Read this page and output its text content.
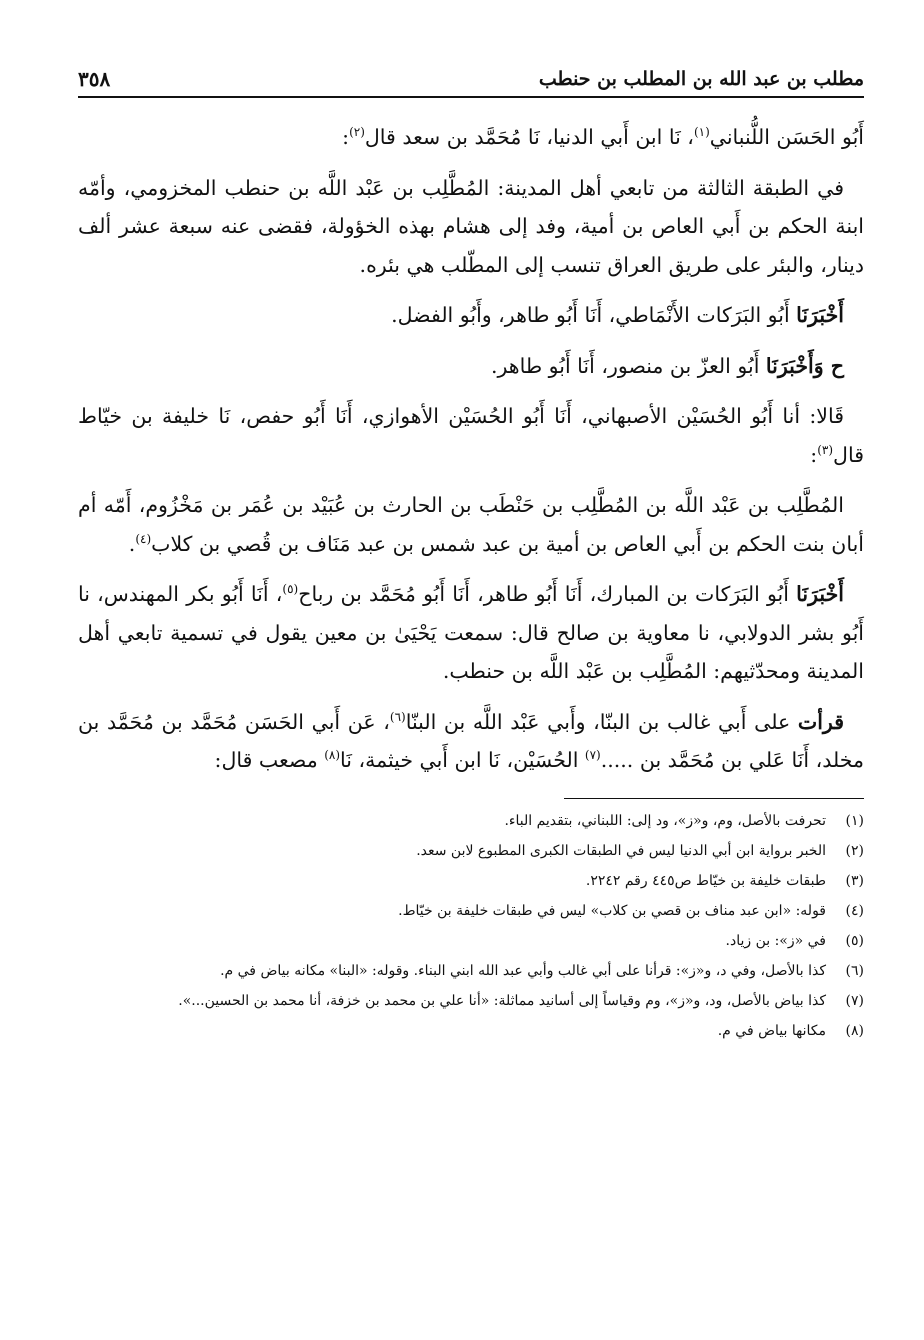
مطلب بن عبد الله بن المطلب بن حنطب
٣٥٨

أَبُو الحَسَن اللُّنباني$^{(١)}$، نَا ابن أَبي الدنيا، نَا مُحَمَّد بن سعد قال$^{(٢)}$:

في الطبقة الثالثة من تابعي أهل المدينة: المُطَّلِب بن عَبْد اللَّه بن حنطب المخزومي، وأمّه ابنة الحكم بن أَبي العاص بن أمية، وفد إلى هشام بهذه الخؤولة، فقضى عنه سبعة عشر ألف دينار، والبئر على طريق العراق تنسب إلى المطّلب هي بئره.

أَخْبَرَنَا أَبُو البَرَكات الأَنْمَاطي، أَنَا أَبُو طاهر، وأَبُو الفضل.

ح وَأَخْبَرَنَا أَبُو العزّ بن منصور، أَنَا أَبُو طاهر.

قَالا: أنا أَبُو الحُسَيْن الأصبهاني، أَنَا أَبُو الحُسَيْن الأهوازي، أَنَا أَبُو حفص، نَا خليفة بن خيّاط قال$^{(٣)}$:

المُطَّلِب بن عَبْد اللَّه بن المُطَّلِب بن حَنْطَب بن الحارث بن عُبَيْد بن عُمَر بن مَخْزُوم، أَمّه أم أبان بنت الحكم بن أَبي العاص بن أمية بن عبد شمس بن عبد مَنَاف بن قُصي بن كلاب$^{(٤)}$.

أَخْبَرَنَا أَبُو البَرَكات بن المبارك، أَنَا أَبُو طاهر، أَنَا أَبُو مُحَمَّد بن رباح$^{(٥)}$، أَنَا أَبُو بكر المهندس، نا أَبُو بشر الدولابي، نا معاوية بن صالح قال: سمعت يَحْيَىٰ بن معين يقول في تسمية تابعي أهل المدينة ومحدّثيهم: المُطَّلِب بن عَبْد اللَّه بن حنطب.

قرأت على أَبي غالب بن البنّا، وأَبي عَبْد اللَّه بن البنّا$^{(٦)}$، عَن أَبي الحَسَن مُحَمَّد بن مُحَمَّد بن مخلد، أَنَا عَلي بن مُحَمَّد بن .....$^{(٧)}$ الحُسَيْن، نَا ابن أَبي خيثمة، نَا$^{(٨)}$ مصعب قال:

(١)
تحرفت بالأصل، وم، و«ز»، ود إلى: اللبناني، بتقديم الباء.
(٢)
الخبر برواية ابن أبي الدنيا ليس في الطبقات الكبرى المطبوع لابن سعد.
(٣)
طبقات خليفة بن خيّاط ص٤٤٥ رقم ٢٢٤٢.
(٤)
قوله: «ابن عبد مناف بن قصي بن كلاب» ليس في طبقات خليفة بن خيّاط.
(٥)
في «ز»: بن زياد.
(٦)
كذا بالأصل، وفي د، و«ز»: قرأنا على أبي غالب وأبي عبد الله ابني البناء. وقوله: «البنا» مكانه بياض في م.
(٧)
كذا بياض بالأصل، ود، و«ز»، وم وقياساً إلى أسانيد مماثلة: «أنا علي بن محمد بن خزفة، أنا محمد بن الحسين...».
(٨)
مكانها بياض في م.
